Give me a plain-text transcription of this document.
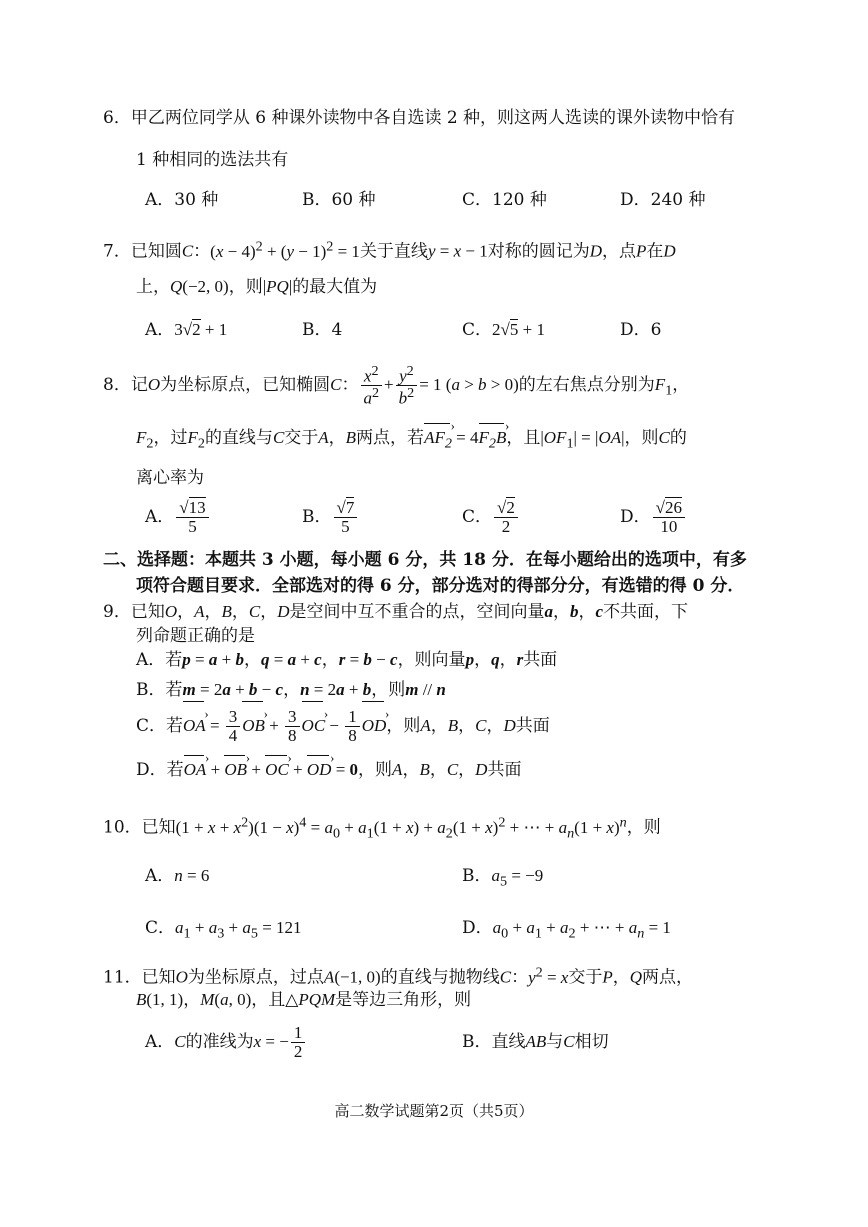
6．甲乙两位同学从 6 种课外读物中各自选读 2 种，则这两人选读的课外读物中恰有
1 种相同的选法共有
A．30 种	B．60 种	C．120 种	D．240 种
7．已知圆C：$(x - 4)^2 + (y - 1)^2 = 1$关于直线y = x − 1对称的圆记为D，点P在D
上，Q(−2, 0)，则|PQ|的最大值为
A．3√2 + 1	B．4	C．2√5 + 1	D．6
8．记O为坐标原点，已知椭圆C： $\frac{x^2}{a^2} + \frac{y^2}{b^2} = 1$ (a > b > 0)的左右焦点分别为$F_1$，
$F_2$，过$F_2$的直线与C交于A，B两点，若$AF_2$ › = $4F_2B$ ›，且$|OF_1| = |OA|$，则C的
离心率为
A． $\frac{√13}{5}$	B． $\frac{√7}{5}$	C． $\frac{√2}{2}$	D． $\frac{√26}{10}$
二、选择题：本题共 3 小题，每小题 6 分，共 18 分．在每小题给出的选项中，有多
项符合题目要求．全部选对的得 6 分，部分选对的得部分分，有选错的得 0 分．
9．已知O，A，B，C，D是空间中互不重合的点，空间向量a，b，c不共面，下
列命题正确的是
A．若p = a + b，q = a + c，r = b − c，则向量p，q，r共面
B．若m = 2a + b − c，n = 2a + b，则m // n
C．若OA › = $\frac{3}{4}$ OB › + $\frac{3}{8}$ OC › − $\frac{1}{8}$ OD ›，则A，B，C，D共面
D．若OA › + OB › + OC › + OD › = 0，则A，B，C，D共面
10．已知$(1 + x + x^2)(1 - x)^4 = a_0 + a_1(1 + x) + a_2(1 + x)^2$ + ⋯ + $a_n(1 + x)^n$，则
A．n = 6	B．$a_5 = -9$
C．$a_1 + a_3 + a_5 = 121$	D．$a_0 + a_1 + a_2$ + ⋯ + $a_n = 1$
11．已知O为坐标原点，过点A(−1, 0)的直线与抛物线C：$y^2 = x$交于P，Q两点，
B(1, 1)，M(a, 0)，且△PQM是等边三角形，则
A．C的准线为x = − $\frac{1}{2}$	B．直线AB与C相切
高二数学试题第2页（共5页）
